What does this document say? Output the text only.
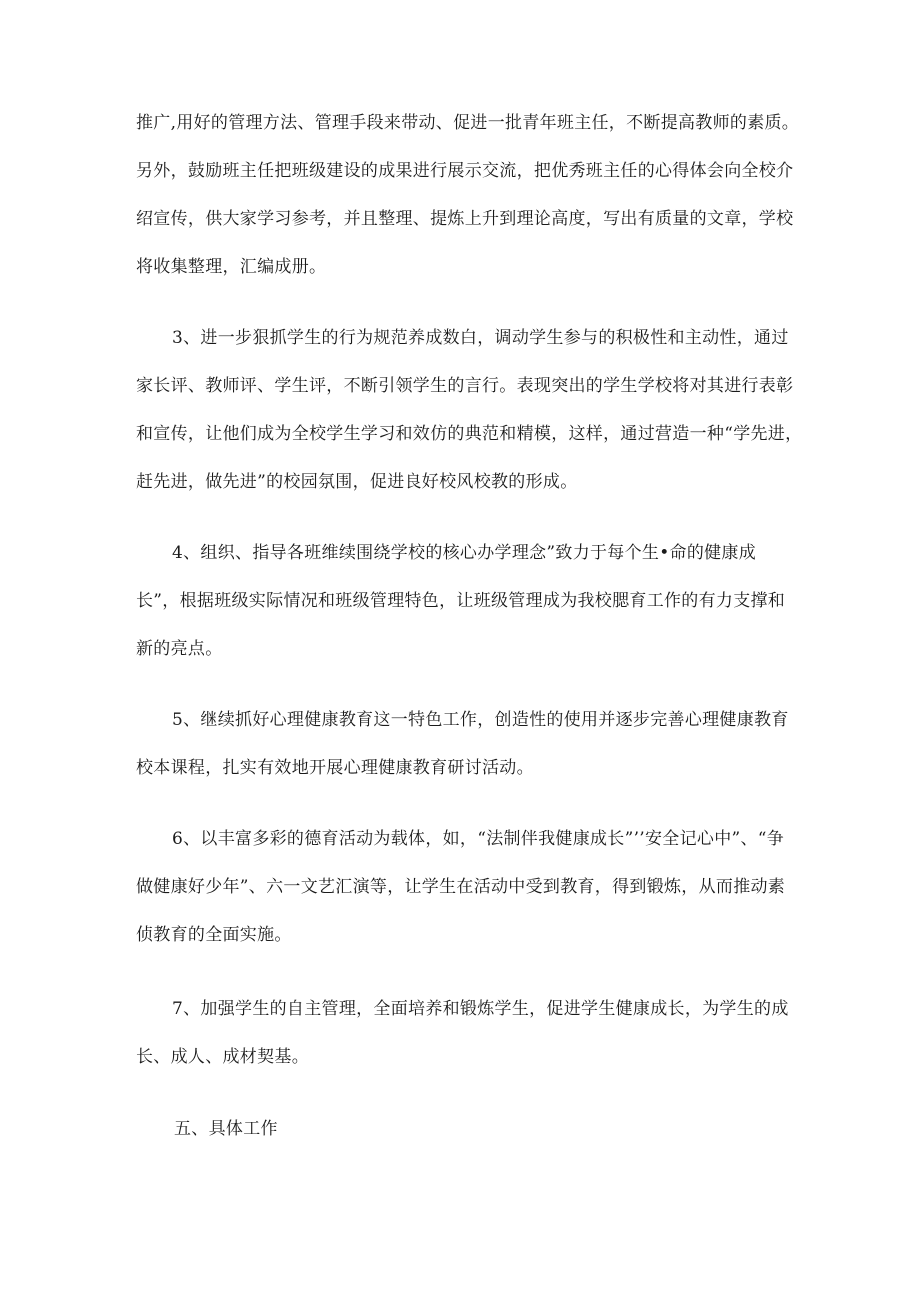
推广,用好的管理方法、管理手段来带动、促进一批青年班主任，不断提高教师的素质。
另外，鼓励班主任把班级建设的成果进行展示交流，把优秀班主任的心得体会向全校介
绍宣传，供大家学习参考，并且整理、提炼上升到理论高度，写出有质量的文章，学校
将收集整理，汇编成册。
3、进一步狠抓学生的行为规范养成数白，调动学生参与的积极性和主动性，通过
家长评、教师评、学生评，不断引领学生的言行。表现突出的学生学校将对其进行表彰
和宣传，让他们成为全校学生学习和效仿的典范和精模，这样，通过营造一种“学先进，
赶先进，做先进”的校园氛围，促进良好校风校教的形成。
4、组织、指导各班维续围绕学校的核心办学理念”致力于每个生•命的健康成
长”，根据班级实际情况和班级管理特色，让班级管理成为我校腮育工作的有力支撑和
新的亮点。
5、继续抓好心理健康教育这一特色工作，创造性的使用并逐步完善心理健康教育
校本课程，扎实有效地开展心理健康教育研讨活动。
6、以丰富多彩的德育活动为载体，如，“法制伴我健康成长”’’安全记心中”、“争
做健康好少年”、六一文艺汇演等，让学生在活动中受到教育，得到锻炼，从而推动素
侦教育的全面实施。
7、加强学生的自主管理，全面培养和锻炼学生，促进学生健康成长，为学生的成
长、成人、成材契基。
五、具体工作
